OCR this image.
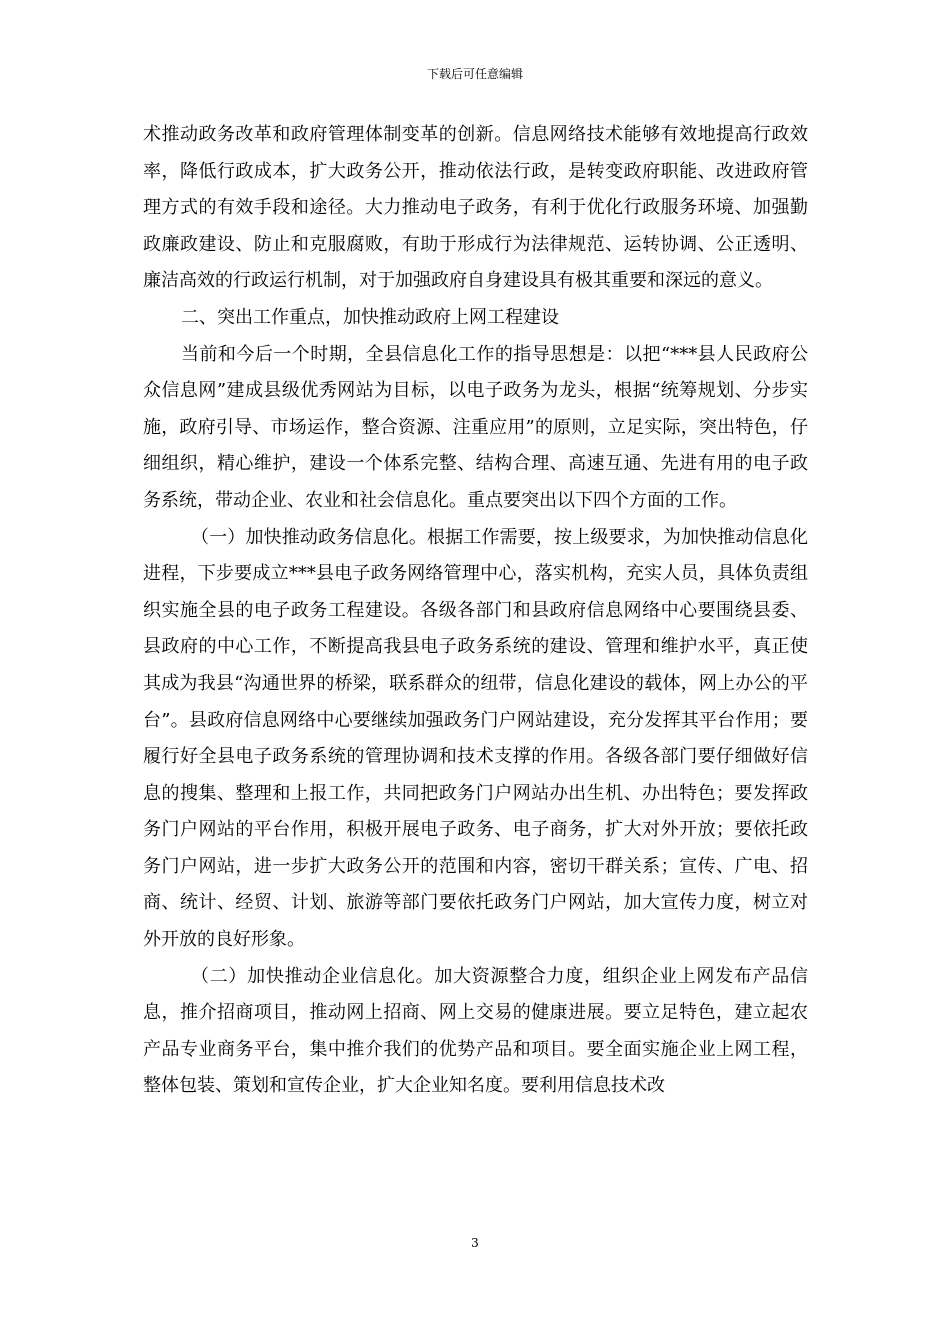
下载后可任意编辑

术推动政务改革和政府管理体制变革的创新。信息网络技术能够有效地提高行政效率，降低行政成本，扩大政务公开，推动依法行政，是转变政府职能、改进政府管理方式的有效手段和途径。大力推动电子政务，有利于优化行政服务环境、加强勤政廉政建设、防止和克服腐败，有助于形成行为法律规范、运转协调、公正透明、廉洁高效的行政运行机制，对于加强政府自身建设具有极其重要和深远的意义。

二、突出工作重点，加快推动政府上网工程建设

当前和今后一个时期，全县信息化工作的指导思想是：以把“***县人民政府公众信息网”建成县级优秀网站为目标，以电子政务为龙头，根据“统筹规划、分步实施，政府引导、市场运作，整合资源、注重应用”的原则，立足实际，突出特色，仔细组织，精心维护，建设一个体系完整、结构合理、高速互通、先进有用的电子政务系统，带动企业、农业和社会信息化。重点要突出以下四个方面的工作。

（一）加快推动政务信息化。根据工作需要，按上级要求，为加快推动信息化进程，下步要成立***县电子政务网络管理中心，落实机构，充实人员，具体负责组织实施全县的电子政务工程建设。各级各部门和县政府信息网络中心要围绕县委、县政府的中心工作，不断提高我县电子政务系统的建设、管理和维护水平，真正使其成为我县“沟通世界的桥梁，联系群众的纽带，信息化建设的载体，网上办公的平台”。县政府信息网络中心要继续加强政务门户网站建设，充分发挥其平台作用；要履行好全县电子政务系统的管理协调和技术支撑的作用。各级各部门要仔细做好信息的搜集、整理和上报工作，共同把政务门户网站办出生机、办出特色；要发挥政务门户网站的平台作用，积极开展电子政务、电子商务，扩大对外开放；要依托政务门户网站，进一步扩大政务公开的范围和内容，密切干群关系；宣传、广电、招商、统计、经贸、计划、旅游等部门要依托政务门户网站，加大宣传力度，树立对外开放的良好形象。

（二）加快推动企业信息化。加大资源整合力度，组织企业上网发布产品信息，推介招商项目，推动网上招商、网上交易的健康进展。要立足特色，建立起农产品专业商务平台，集中推介我们的优势产品和项目。要全面实施企业上网工程，整体包装、策划和宣传企业，扩大企业知名度。要利用信息技术改

3
